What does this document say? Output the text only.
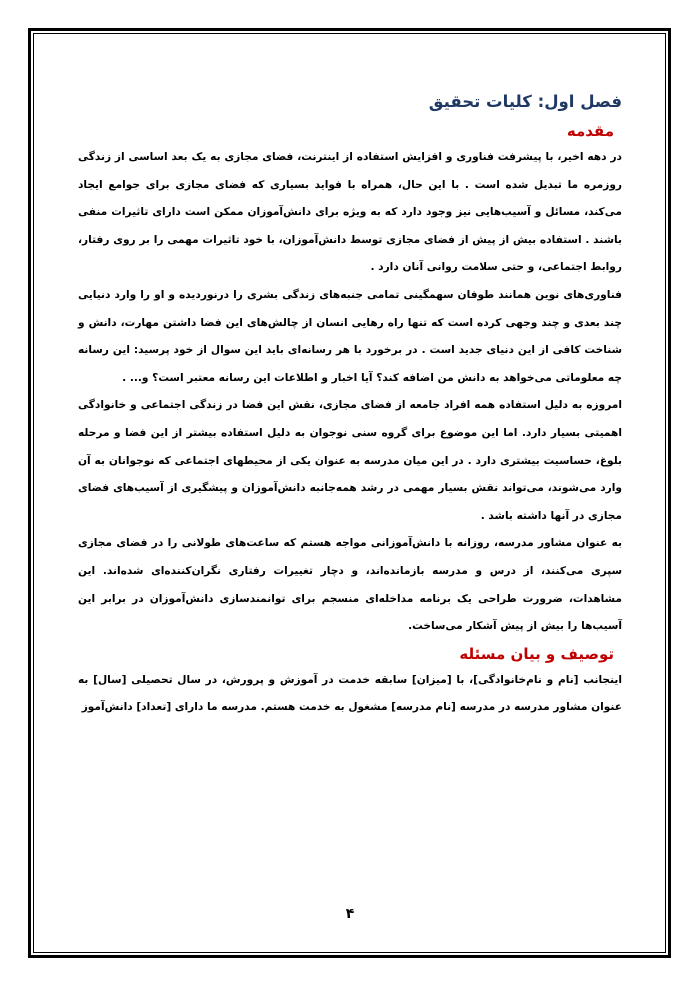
فصل اول: کلیات تحقیق
مقدمه

در دهه اخیر، با پیشرفت فناوری و افزایش استفاده از اینترنت، فضای مجازی به یک بعد اساسی از زندگی روزمره ما تبدیل شده است . با این حال، همراه با فواید بسیاری که فضای مجازی برای جوامع ایجاد می‌کند، مسائل و آسیب‌هایی نیز وجود دارد که به ویژه برای دانش‌آموزان ممکن است دارای تاثیرات منفی باشند . استفاده بیش از پیش از فضای مجازی توسط دانش‌آموزان، با خود تاثیرات مهمی را بر روی رفتار، روابط اجتماعی، و حتی سلامت روانی آنان دارد .

فناوری‌های نوین همانند طوفان سهمگینی تمامی جنبه‌های زندگی بشری را درنوردیده و او را وارد دنیایی چند بعدی و چند وجهی کرده است که تنها راه رهایی انسان از چالش‌های این فضا داشتن مهارت، دانش و شناخت کافی از این دنیای جدید است . در برخورد با هر رسانه‌ای باید این سوال از خود پرسید: این رسانه چه معلوماتی می‌خواهد به دانش من اضافه کند؟ آیا اخبار و اطلاعات این رسانه معتبر است؟ و... .

امروزه به دلیل استفاده همه افراد جامعه از فضای مجازی، نقش این فضا در زندگی اجتماعی و خانوادگی اهمیتی بسیار دارد. اما این موضوع برای گروه سنی نوجوان به دلیل استفاده بیشتر از این فضا و مرحله بلوغ، حساسیت بیشتری دارد . در این میان مدرسه به عنوان یکی از محیطهای اجتماعی که نوجوانان به آن وارد می‌شوند، می‌تواند نقش بسیار مهمی در رشد همه‌جانبه دانش‌آموزان و پیشگیری از آسیب‌های فضای مجازی در آنها داشته باشد .

به عنوان مشاور مدرسه، روزانه با دانش‌آموزانی مواجه هستم که ساعت‌های طولانی را در فضای مجازی سپری می‌کنند، از درس و مدرسه بازمانده‌اند، و دچار تغییرات رفتاری نگران‌کننده‌ای شده‌اند. این مشاهدات، ضرورت طراحی یک برنامه مداخله‌ای منسجم برای توانمندسازی دانش‌آموزان در برابر این آسیب‌ها را بیش از پیش آشکار می‌ساخت.

توصیف و بیان مسئله

اینجانب [نام و نام‌خانوادگی]، با [میزان] سابقه خدمت در آموزش و پرورش، در سال تحصیلی [سال] به عنوان مشاور مدرسه در مدرسه [نام مدرسه] مشغول به خدمت هستم. مدرسه ما دارای [تعداد] دانش‌آموز

۴
